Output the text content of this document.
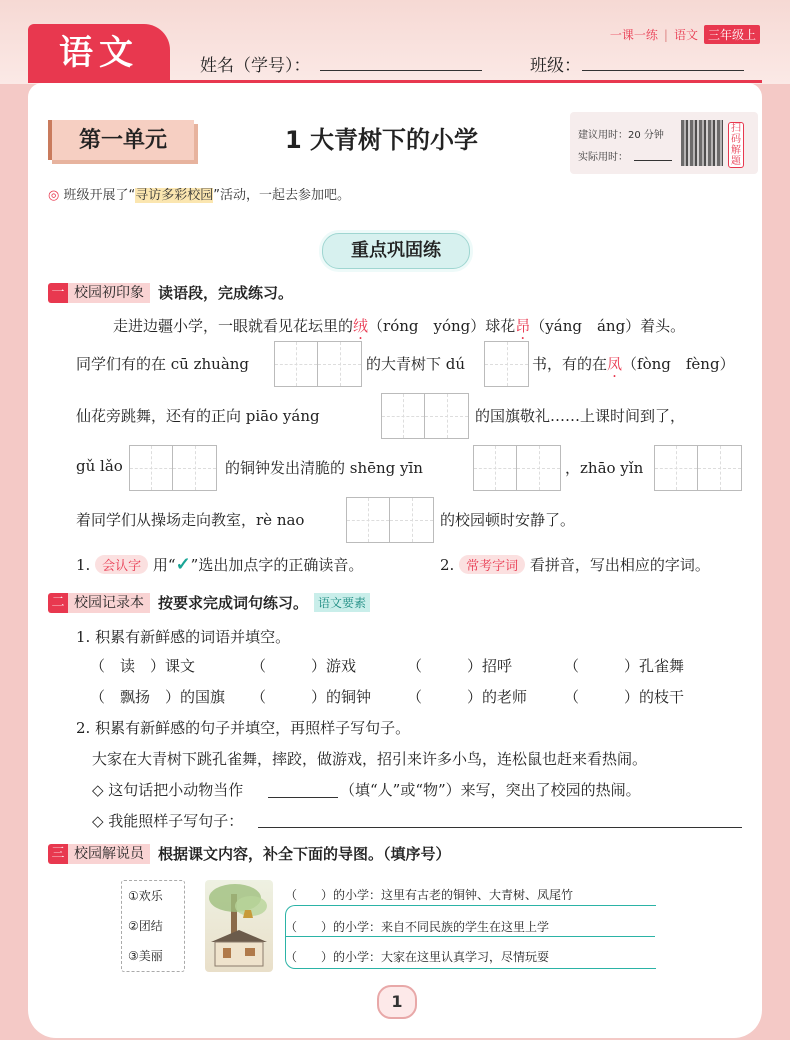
语文	一课一练 | 语文 三年级上
姓名（学号）：	班级：
第一单元	1 大青树下的小学	建议用时：20 分钟
实际用时：
扫码解题
◎ 班级开展了“寻访多彩校园”活动，一起去参加吧。
重点巩固练
一 校园初印象 读语段，完成练习。
走进边疆小学，一眼就看见花坛里的绒（róng　yóng）球花昂（yáng　áng）着头。
同学们有的在 cū zhuàng	的大青树下 dú	书，有的在凤（fòng　fèng）
仙花旁跳舞，还有的正向 piāo yáng	的国旗敬礼……上课时间到了，
gǔ lǎo	的铜钟发出清脆的 shēng yīn	，zhāo yǐn
着同学们从操场走向教室，rè nao	的校园顿时安静了。
1. 会认字 用“✓”选出加点字的正确读音。	2. 常考字词 看拼音，写出相应的字词。
二 校园记录本 按要求完成词句练习。 语文要素
1. 积累有新鲜感的词语并填空。
（　读　）课文	（　　　）游戏	（　　　）招呼	（　　　）孔雀舞
（　飘扬　）的国旗 （　　　）的铜钟 （　　　）的老师 （　　　）的枝干
2. 积累有新鲜感的句子并填空，再照样子写句子。
大家在大青树下跳孔雀舞，摔跤，做游戏，招引来许多小鸟，连松鼠也赶来看热闹。
◇ 这句话把小动物当作	（填“人”或“物”）来写，突出了校园的热闹。
◇ 我能照样子写句子：
三 校园解说员 根据课文内容，补全下面的导图。（填序号）
①欢乐
②团结
③美丽
（　　）的小学：这里有古老的铜钟、大青树、凤尾竹
（　　）的小学：来自不同民族的学生在这里上学
（　　）的小学：大家在这里认真学习，尽情玩耍
1
